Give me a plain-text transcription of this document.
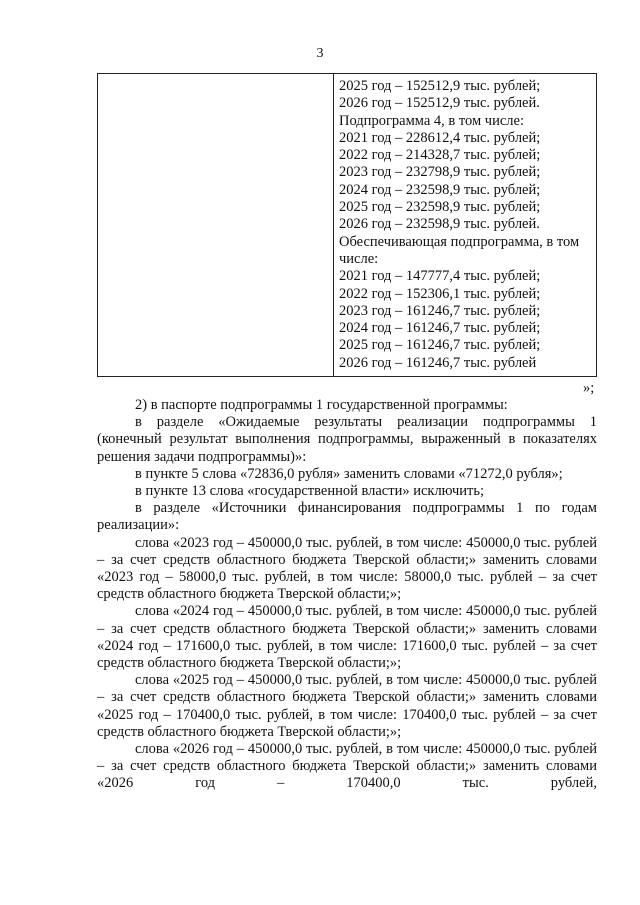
3
2025 год – 152512,9 тыс. рублей;
2026 год – 152512,9 тыс. рублей.
Подпрограмма 4, в том числе:
2021 год – 228612,4 тыс. рублей;
2022 год – 214328,7 тыс. рублей;
2023 год – 232798,9 тыс. рублей;
2024 год – 232598,9 тыс. рублей;
2025 год – 232598,9 тыс. рублей;
2026 год – 232598,9 тыс. рублей.
Обеспечивающая подпрограмма, в том
числе:
2021 год – 147777,4 тыс. рублей;
2022 год – 152306,1 тыс. рублей;
2023 год – 161246,7 тыс. рублей;
2024 год – 161246,7 тыс. рублей;
2025 год – 161246,7 тыс. рублей;
2026 год – 161246,7 тыс. рублей
»;

2) в паспорте подпрограммы 1 государственной программы:

в разделе «Ожидаемые результаты реализации подпрограммы 1 (конечный результат выполнения подпрограммы, выраженный в показателях решения задачи подпрограммы)»:

в пункте 5 слова «72836,0 рубля» заменить словами «71272,0 рубля»;

в пункте 13 слова «государственной власти» исключить;

в разделе «Источники финансирования подпрограммы 1 по годам реализации»:

слова «2023 год – 450000,0 тыс. рублей, в том числе: 450000,0 тыс. рублей – за счет средств областного бюджета Тверской области;» заменить словами «2023 год – 58000,0 тыс. рублей, в том числе: 58000,0 тыс. рублей – за счет средств областного бюджета Тверской области;»;

слова «2024 год – 450000,0 тыс. рублей, в том числе: 450000,0 тыс. рублей – за счет средств областного бюджета Тверской области;» заменить словами «2024 год – 171600,0 тыс. рублей, в том числе: 171600,0 тыс. рублей – за счет средств областного бюджета Тверской области;»;

слова «2025 год – 450000,0 тыс. рублей, в том числе: 450000,0 тыс. рублей – за счет средств областного бюджета Тверской области;» заменить словами «2025 год – 170400,0 тыс. рублей, в том числе: 170400,0 тыс. рублей – за счет средств областного бюджета Тверской области;»;

слова «2026 год – 450000,0 тыс. рублей, в том числе: 450000,0 тыс. рублей – за счет средств областного бюджета Тверской области;» заменить словами «2026 год – 170400,0 тыс. рублей,
